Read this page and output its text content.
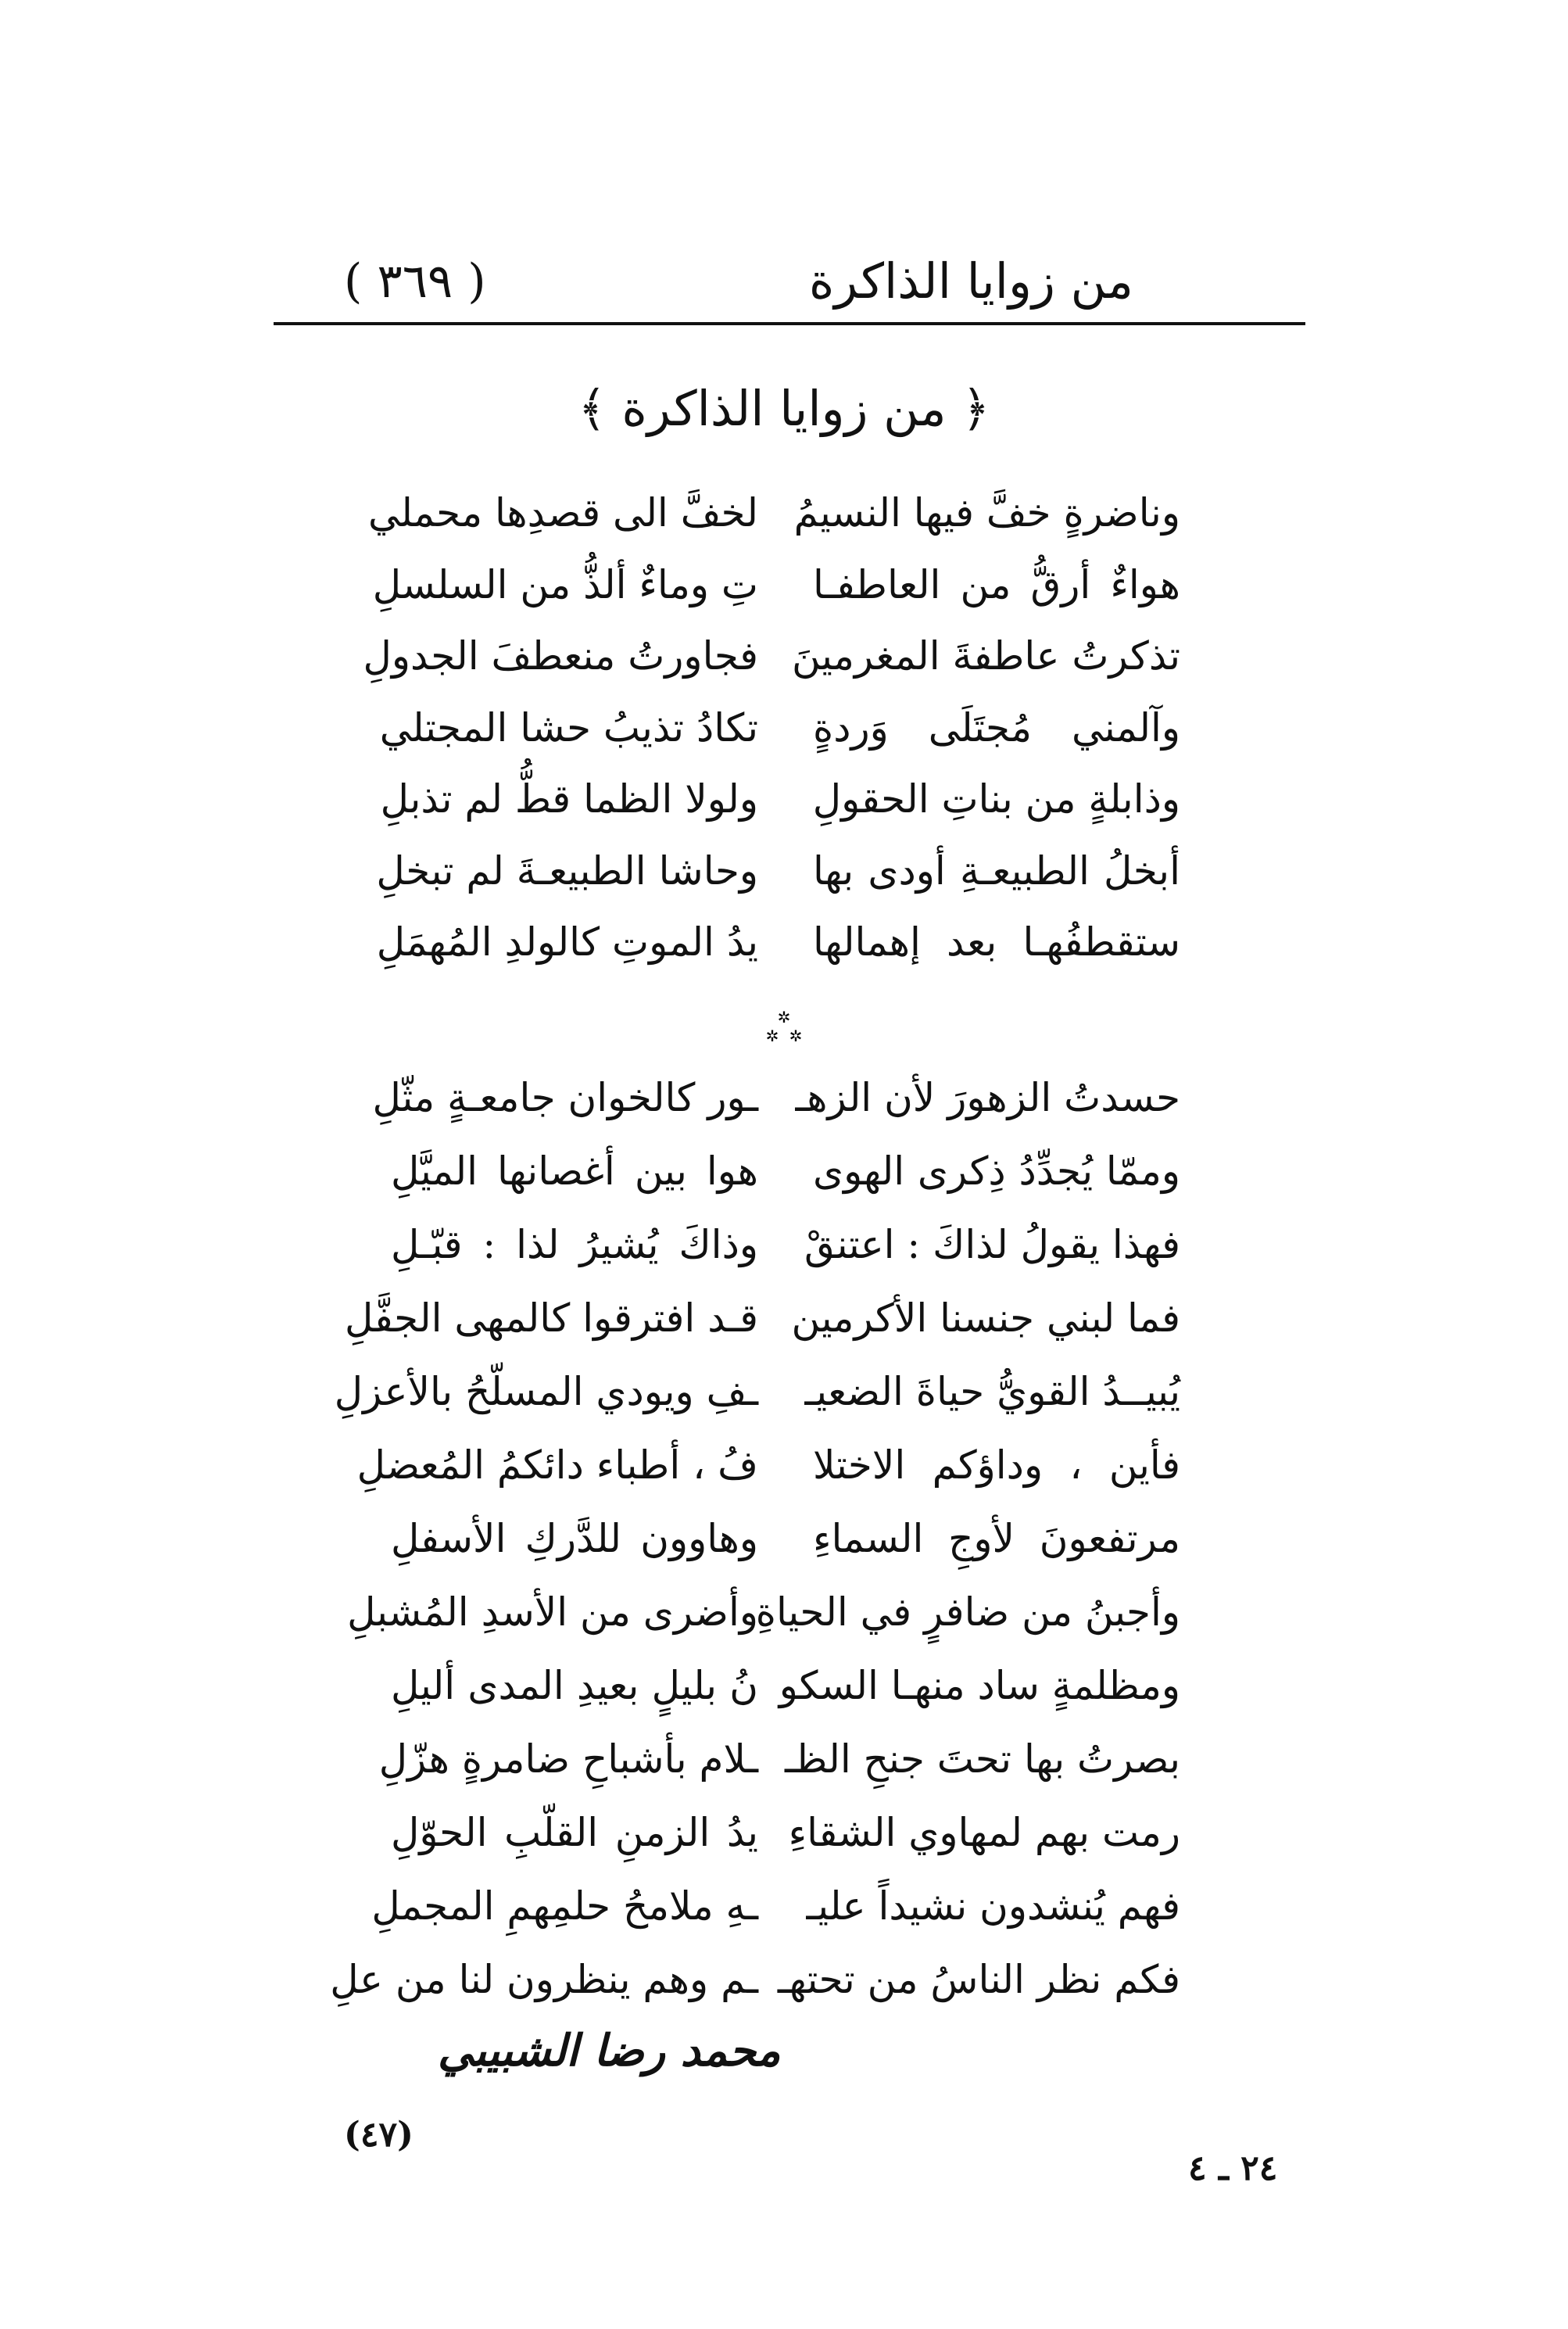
من زوايا الذاكرة
( ٣٦٩ )
﴿ من زوايا الذاكرة ﴾
وناضرةٍ خفَّ فيها النسيمُ
لخفَّ الى قصدِها محملي
هواءٌ أرقُّ من العاطفـا
تِ وماءٌ ألذُّ من السلسلِ
تذكرتُ عاطفةَ المغرمينَ
فجاورتُ منعطفَ الجدولِ
وآلمني مُجتَلَى وَردةٍ
تكادُ تذيبُ حشا المجتلي
وذابلةٍ من بناتِ الحقولِ
ولولا الظما قطُّ لم تذبلِ
أبخلُ الطبيعـةِ أودى بها
وحاشا الطبيعـةَ لم تبخلِ
ستقطفُهـا بعد إهمالها
يدُ الموتِ كالولدِ المُهمَلِ
✲
✲ ✲
حسدتُ الزهورَ لأن الزهـ
ـور كالخوان جامعـةٍ مثّلِ
وممّا يُجدِّدُ ذِكرى الهوى
هوا بين أغصانها الميَّلِ
فهذا يقولُ لذاكَ : اعتنقْ
وذاكَ يُشيرُ لذا : قبّـلِ
فما لبني جنسنا الأكرمين
قـد افترقوا كالمهى الجفَّلِ
يُبيــدُ القويُّ حياةَ الضعيـ
ـفِ ويودي المسلّحُ بالأعزلِ
فأين ، وداؤكم الاختلا
فُ ، أطباء دائكمُ المُعضلِ
مرتفعونَ لأوجِ السماءِ
وهاوون للدَّركِ الأسفلِ
وأجبنُ من ضافرٍ في الحياةِ
وأضرى من الأسدِ المُشبلِ
ومظلمةٍ ساد منهـا السكو
نُ بليلٍ بعيدِ المدى أليلِ
بصرتُ بها تحتَ جنحِ الظـ
ـلام بأشباحِ ضامرةٍ هزّلِ
رمت بهم لمهاوي الشقاءِ
يدُ الزمنِ القلّبِ الحوّلِ
فهم يُنشدون نشيداً عليـ
ـهِ ملامحُ حلمِهمِ المجملِ
فكم نظر الناسُ من تحتهـ
ـم وهم ينظرون لنا من علِ
محمد رضا الشبيبي
(٤٧)
٢٤ ـ ٤
